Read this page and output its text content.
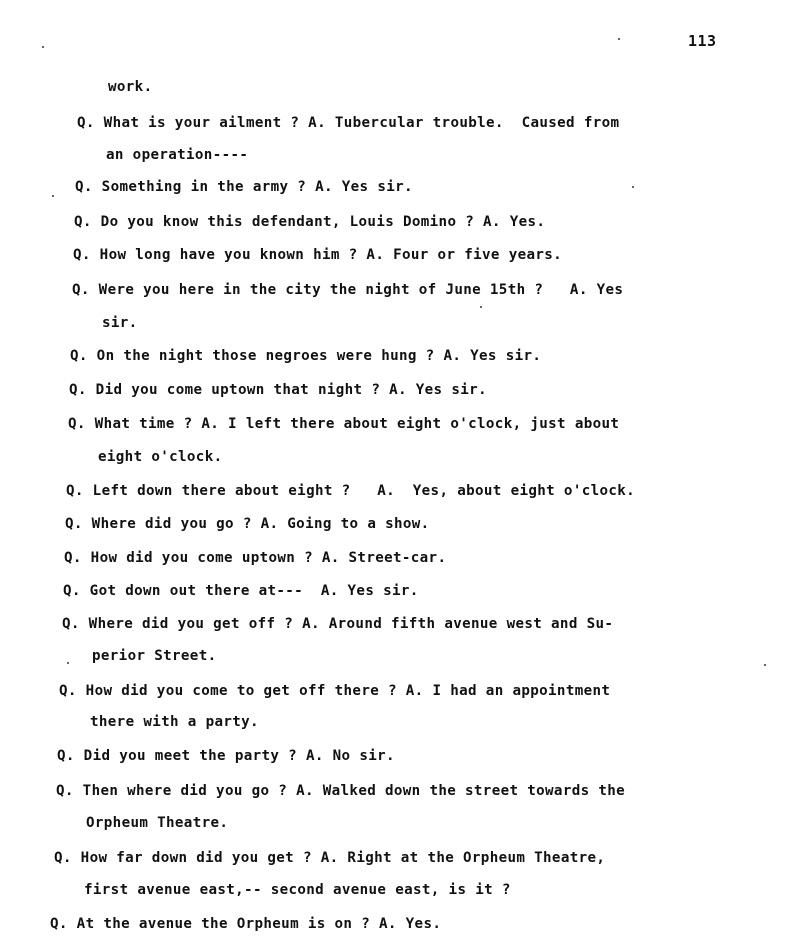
113
work.
Q. What is your ailment ? A. Tubercular trouble.  Caused from
an operation----
Q. Something in the army ? A. Yes sir.
Q. Do you know this defendant, Louis Domino ? A. Yes.
Q. How long have you known him ? A. Four or five years.
Q. Were you here in the city the night of June 15th ?   A. Yes
sir.
Q. On the night those negroes were hung ? A. Yes sir.
Q. Did you come uptown that night ? A. Yes sir.
Q. What time ? A. I left there about eight o'clock, just about
eight o'clock.
Q. Left down there about eight ?   A.  Yes, about eight o'clock.
Q. Where did you go ? A. Going to a show.
Q. How did you come uptown ? A. Street-car.
Q. Got down out there at---  A. Yes sir.
Q. Where did you get off ? A. Around fifth avenue west and Su-
perior Street.
Q. How did you come to get off there ? A. I had an appointment
there with a party.
Q. Did you meet the party ? A. No sir.
Q. Then where did you go ? A. Walked down the street towards the
Orpheum Theatre.
Q. How far down did you get ? A. Right at the Orpheum Theatre,
first avenue east,-- second avenue east, is it ?
Q. At the avenue the Orpheum is on ? A. Yes.
